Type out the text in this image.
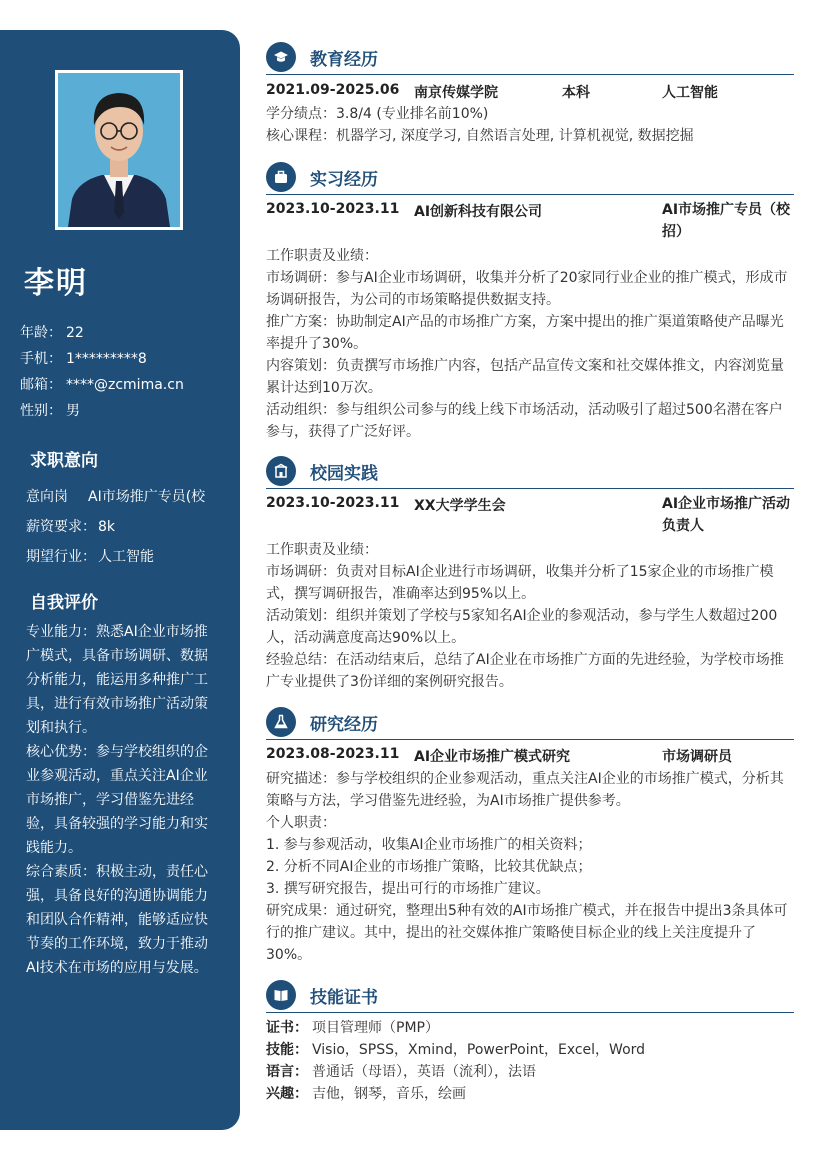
李明
年龄： 22
手机： 1*********8
邮箱： ****@zcmima.cn
性别： 男
求职意向
意向岗 AI市场推广专员(校
薪资要求： 8k
期望行业： 人工智能
自我评价

专业能力：熟悉AI企业市场推广模式，具备市场调研、数据分析能力，能运用多种推广工具，进行有效市场推广活动策划和执行。

核心优势：参与学校组织的企业参观活动，重点关注AI企业市场推广，学习借鉴先进经验，具备较强的学习能力和实践能力。

综合素质：积极主动，责任心强，具备良好的沟通协调能力和团队合作精神，能够适应快节奏的工作环境，致力于推动AI技术在市场的应用与发展。

教育经历
2021.09-2025.06 南京传媒学院	本科	人工智能

学分绩点：3.8/4 (专业排名前10%)

核心课程：机器学习, 深度学习, 自然语言处理, 计算机视觉, 数据挖掘

实习经历
2023.10-2023.11 AI创新科技有限公司	AI市场推广专员（校招）

工作职责及业绩：

市场调研：参与AI企业市场调研，收集并分析了20家同行业企业的推广模式，形成市场调研报告，为公司的市场策略提供数据支持。

推广方案：协助制定AI产品的市场推广方案，方案中提出的推广渠道策略使产品曝光率提升了30%。

内容策划：负责撰写市场推广内容，包括产品宣传文案和社交媒体推文，内容浏览量累计达到10万次。

活动组织：参与组织公司参与的线上线下市场活动，活动吸引了超过500名潜在客户参与，获得了广泛好评。

校园实践
2023.10-2023.11 XX大学学生会	AI企业市场推广活动负责人

工作职责及业绩：

市场调研：负责对目标AI企业进行市场调研，收集并分析了15家企业的市场推广模式，撰写调研报告，准确率达到95%以上。

活动策划：组织并策划了学校与5家知名AI企业的参观活动，参与学生人数超过200人，活动满意度高达90%以上。

经验总结：在活动结束后，总结了AI企业在市场推广方面的先进经验，为学校市场推广专业提供了3份详细的案例研究报告。

研究经历
2023.08-2023.11 AI企业市场推广模式研究	市场调研员

研究描述：参与学校组织的企业参观活动，重点关注AI企业的市场推广模式，分析其策略与方法，学习借鉴先进经验，为AI市场推广提供参考。

个人职责：

1. 参与参观活动，收集AI企业市场推广的相关资料；

2. 分析不同AI企业的市场推广策略，比较其优缺点；

3. 撰写研究报告，提出可行的市场推广建议。

研究成果：通过研究，整理出5种有效的AI市场推广模式，并在报告中提出3条具体可行的推广建议。其中，提出的社交媒体推广策略使目标企业的线上关注度提升了30%。

技能证书

证书： 项目管理师（PMP）

技能： Visio，SPSS，Xmind，PowerPoint，Excel，Word

语言： 普通话（母语），英语（流利），法语

兴趣： 吉他，钢琴，音乐，绘画
